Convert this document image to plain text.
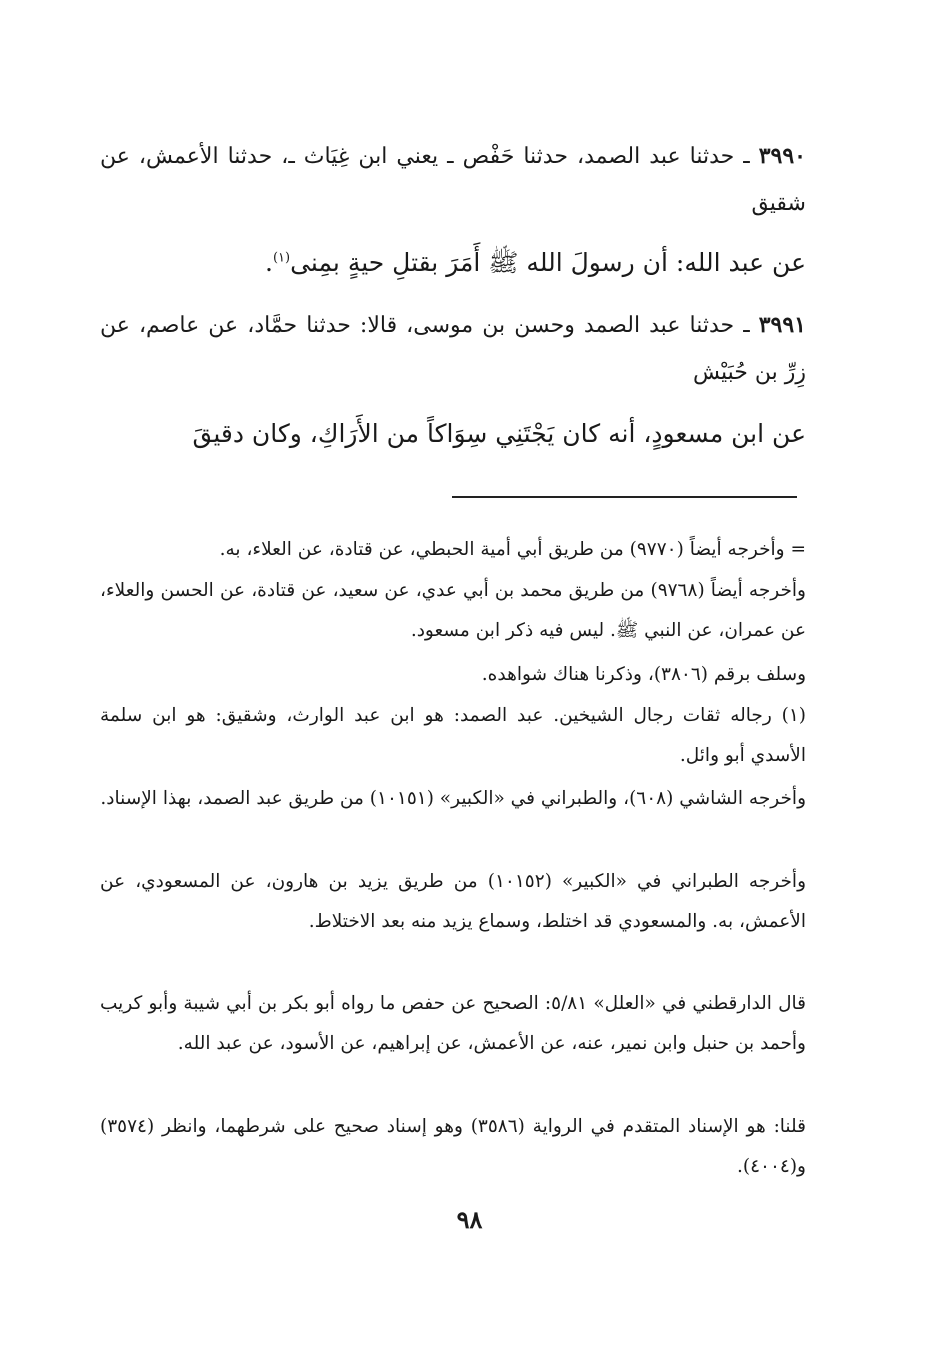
٣٩٩٠ ـ حدثنا عبد الصمد، حدثنا حَفْص ـ يعني ابن غِيَاث ـ، حدثنا الأعمش، عن شقيق
عن عبد الله: أن رسولَ الله ﷺ أَمَرَ بقتلِ حيةٍ بمِنى$^{(١)}$.
٣٩٩١ ـ حدثنا عبد الصمد وحسن بن موسى، قالا: حدثنا حمَّاد، عن عاصم، عن زِرِّ بن حُبَيْش
عن ابن مسعودٍ، أنه كان يَجْتَنِي سِوَاكاً من الأَرَاكِ، وكان دقيقَ
= وأخرجه أيضاً (٩٧٧٠) من طريق أبي أمية الحبطي، عن قتادة، عن العلاء، به.
وأخرجه أيضاً (٩٧٦٨) من طريق محمد بن أبي عدي، عن سعيد، عن قتادة، عن الحسن والعلاء، عن عمران، عن النبي ﷺ. ليس فيه ذكر ابن مسعود.
وسلف برقم (٣٨٠٦)، وذكرنا هناك شواهده.
(١) رجاله ثقات رجال الشيخين. عبد الصمد: هو ابن عبد الوارث، وشقيق: هو ابن سلمة الأسدي أبو وائل.
وأخرجه الشاشي (٦٠٨)، والطبراني في «الكبير» (١٠١٥١) من طريق عبد الصمد، بهذا الإسناد.
وأخرجه الطبراني في «الكبير» (١٠١٥٢) من طريق يزيد بن هارون، عن المسعودي، عن الأعمش، به. والمسعودي قد اختلط، وسماع يزيد منه بعد الاختلاط.
قال الدارقطني في «العلل» ٥/٨١: الصحيح عن حفص ما رواه أبو بكر بن أبي شيبة وأبو كريب وأحمد بن حنبل وابن نمير، عنه، عن الأعمش، عن إبراهيم، عن الأسود، عن عبد الله.
قلنا: هو الإسناد المتقدم في الرواية (٣٥٨٦) وهو إسناد صحيح على شرطهما، وانظر (٣٥٧٤) و(٤٠٠٤).
٩٨
